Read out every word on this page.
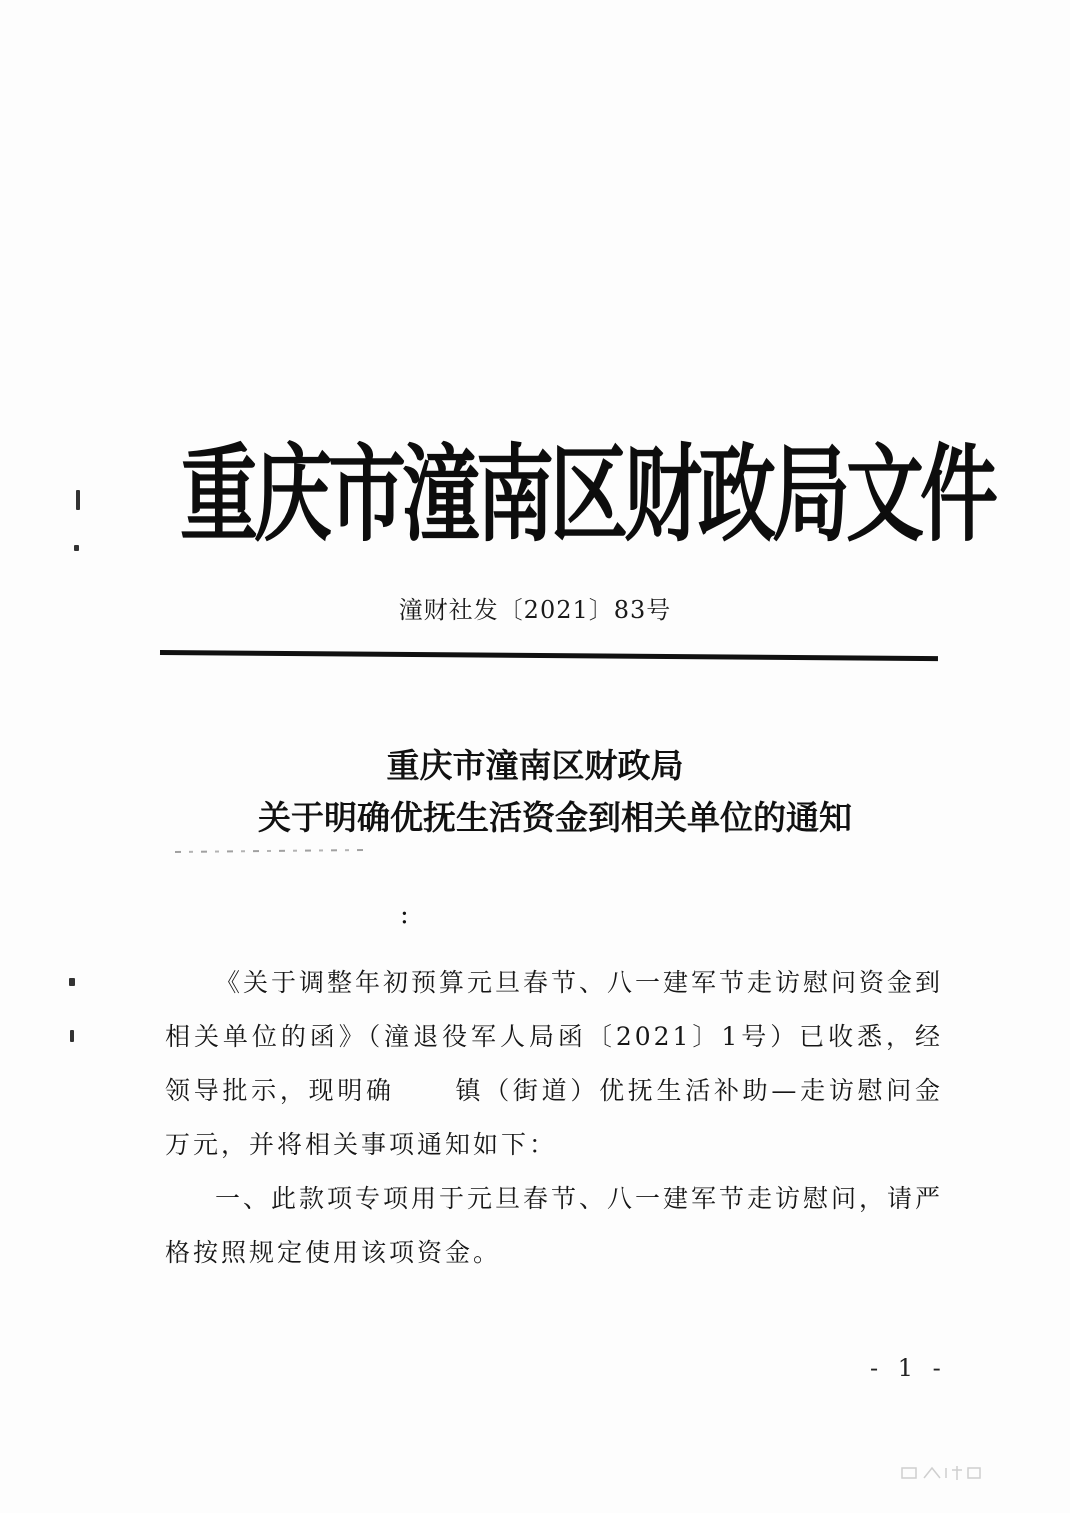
重庆市潼南区财政局文件
潼财社发〔2021〕83号
重庆市潼南区财政局
关于明确优抚生活资金到相关单位的通知
:

《关于调整年初预算元旦春节、八一建军节走访慰问资金到相关单位的函》（潼退役军人局函〔2021〕1号）已收悉，经领导批示，现明确 镇（街道）优抚生活补助—走访慰问金万元，并将相关事项通知如下：

一、此款项专项用于元旦春节、八一建军节走访慰问，请严格按照规定使用该项资金。

- 1 -
